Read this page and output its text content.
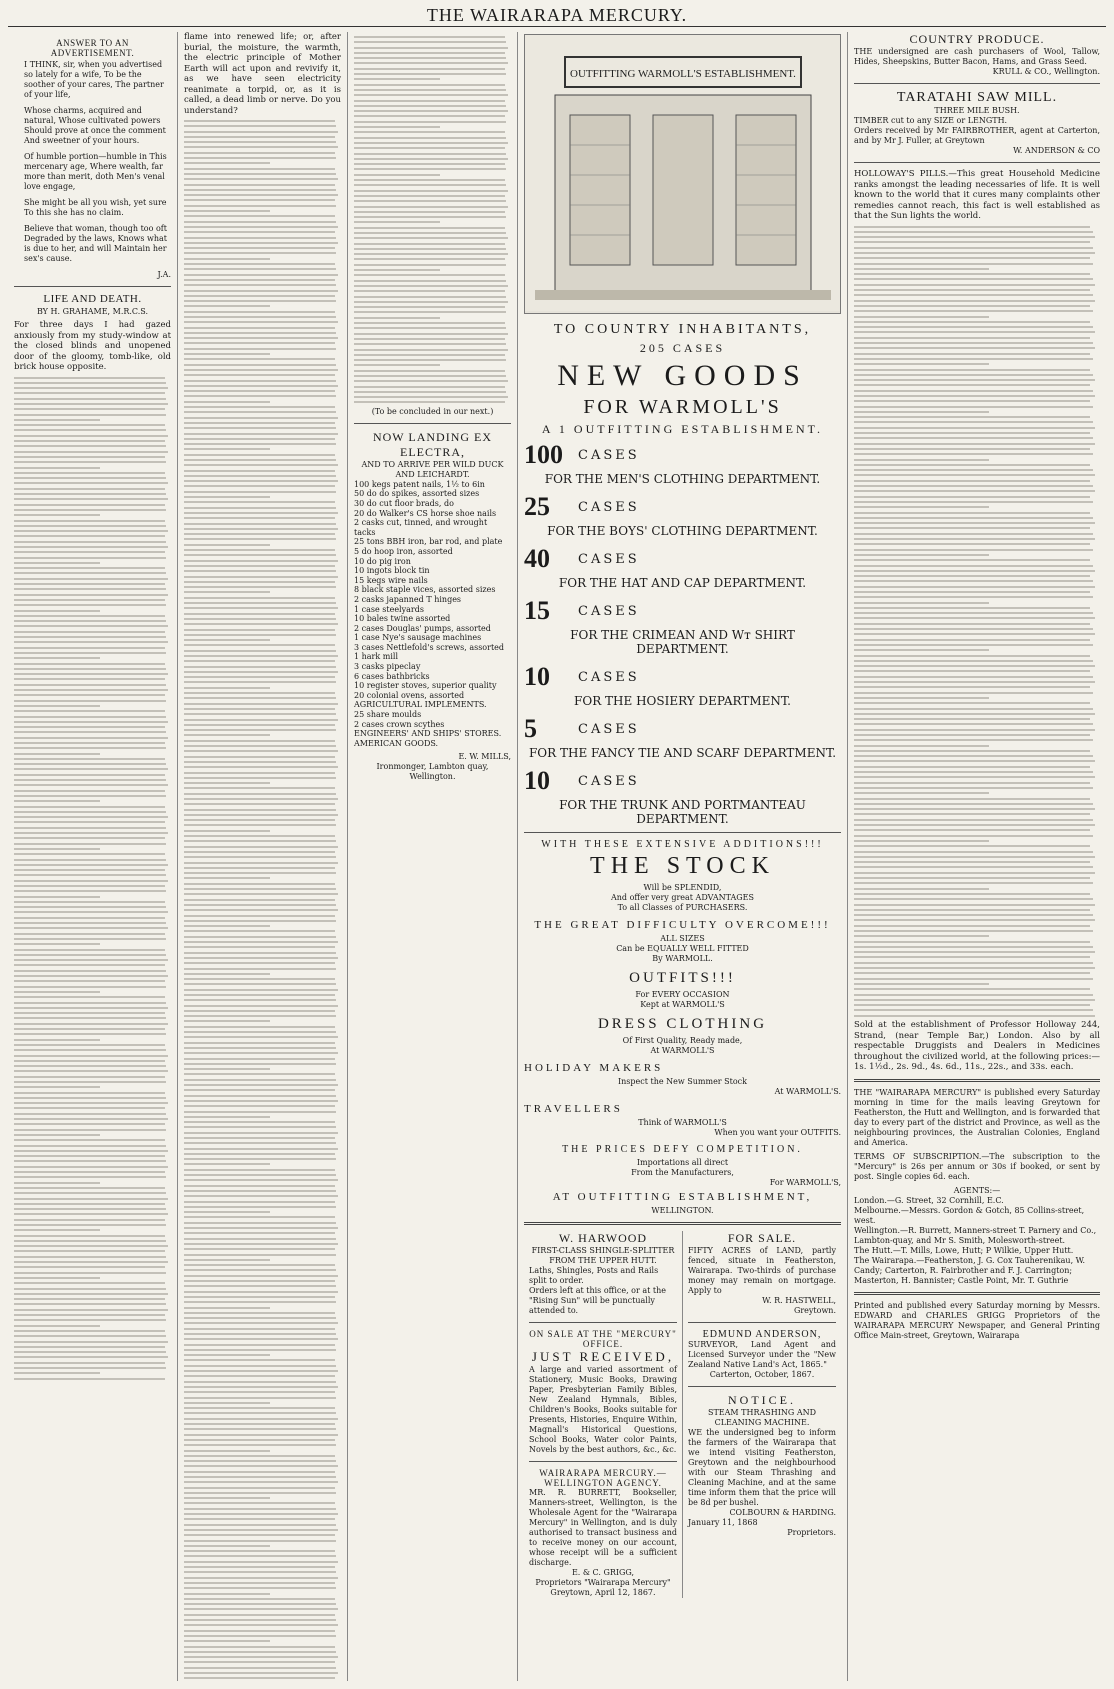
THE WAIRARAPA MERCURY.
ANSWER TO AN ADVERTISEMENT.

I THINK, sir, when you advertised so lately for a wife, To be the soother of your cares, The partner of your life,

Whose charms, acquired and natural, Whose cultivated powers Should prove at once the comment And sweetner of your hours.

Of humble portion—humble in This mercenary age, Where wealth, far more than merit, doth Men's venal love engage,

She might be all you wish, yet sure To this she has no claim.

Believe that woman, though too oft Degraded by the laws, Knows what is due to her, and will Maintain her sex's cause.

J.A.
LIFE AND DEATH.
BY H. GRAHAME, M.R.C.S.
For three days I had gazed anxiously from my study-window at the closed blinds and unopened door of the gloomy, tomb-like, old brick house opposite.
flame into renewed life; or, after burial, the moisture, the warmth, the electric principle of Mother Earth will act upon and revivify it, as we have seen electricity reanimate a torpid, or, as it is called, a dead limb or nerve. Do you understand?
(To be concluded in our next.)
NOW LANDING EX ELECTRA,
AND TO ARRIVE PER WILD DUCK AND LEICHARDT.
100 kegs patent nails, 1½ to 6in
50 do do spikes, assorted sizes
30 do cut floor brads, do
20 do Walker's CS horse shoe nails
2 casks cut, tinned, and wrought tacks
25 tons BBH iron, bar rod, and plate
5 do hoop iron, assorted
10 do pig iron
10 ingots block tin
15 kegs wire nails
8 black staple vices, assorted sizes
2 casks japanned T hinges
1 case steelyards
10 bales twine assorted
2 cases Douglas' pumps, assorted
1 case Nye's sausage machines
3 cases Nettlefold's screws, assorted
1 hark mill
3 casks pipeclay
6 cases bathbricks
10 register stoves, superior quality
20 colonial ovens, assorted
AGRICULTURAL IMPLEMENTS.
25 share moulds
2 cases crown scythes
ENGINEERS' AND SHIPS' STORES.
AMERICAN GOODS.
E. W. MILLS,
Ironmonger, Lambton quay, Wellington.
OUTFITTING WARMOLL'S ESTABLISHMENT.
TO COUNTRY INHABITANTS,
205 CASES
NEW GOODS
FOR WARMOLL'S
A 1 OUTFITTING ESTABLISHMENT.
100	CASES
FOR THE MEN'S CLOTHING DEPARTMENT.
25	CASES
FOR THE BOYS' CLOTHING DEPARTMENT.
40	CASES
FOR THE HAT AND CAP DEPARTMENT.
15	CASES
FOR THE CRIMEAN AND Wᴛ SHIRT DEPARTMENT.
10	CASES
FOR THE HOSIERY DEPARTMENT.
5	CASES
FOR THE FANCY TIE AND SCARF DEPARTMENT.
10	CASES
FOR THE TRUNK AND PORTMANTEAU DEPARTMENT.
WITH THESE EXTENSIVE ADDITIONS!!!
THE STOCK
Will be SPLENDID,
And offer very great ADVANTAGES
To all Classes of PURCHASERS.
THE GREAT DIFFICULTY OVERCOME!!!
ALL SIZES
Can be EQUALLY WELL FITTED
By WARMOLL.
OUTFITS!!!
For EVERY OCCASION
Kept at WARMOLL'S
DRESS CLOTHING
Of First Quality, Ready made,
At WARMOLL'S
HOLIDAY MAKERS
Inspect the New Summer Stock
At WARMOLL'S.
TRAVELLERS
Think of WARMOLL'S
When you want your OUTFITS.
THE PRICES DEFY COMPETITION.
Importations all direct
From the Manufacturers,
For WARMOLL'S,
AT OUTFITTING ESTABLISHMENT,
WELLINGTON.
W. HARWOOD
FIRST-CLASS SHINGLE-SPLITTER FROM THE UPPER HUTT.
Laths, Shingles, Posts and Rails split to order.
Orders left at this office, or at the "Rising Sun" will be punctually attended to.
ON SALE AT THE "MERCURY" OFFICE.
JUST RECEIVED,
A large and varied assortment of Stationery, Music Books, Drawing Paper, Presbyterian Family Bibles, New Zealand Hymnals, Bibles, Children's Books, Books suitable for Presents, Histories, Enquire Within, Magnall's Historical Questions, School Books, Water color Paints, Novels by the best authors, &c., &c.
WAIRARAPA MERCURY.—WELLINGTON AGENCY.
MR. R. BURRETT, Bookseller, Manners-street, Wellington, is the Wholesale Agent for the "Wairarapa Mercury" in Wellington, and is duly authorised to transact business and to receive money on our account, whose receipt will be a sufficient discharge.
E. & C. GRIGG,
Proprietors "Wairarapa Mercury" Greytown, April 12, 1867.
FOR SALE.
FIFTY ACRES of LAND, partly fenced, situate in Featherston, Wairarapa. Two-thirds of purchase money may remain on mortgage. Apply to
W. R. HASTWELL,
Greytown.
EDMUND ANDERSON,
SURVEYOR, Land Agent and Licensed Surveyor under the "New Zealand Native Land's Act, 1865."
Carterton, October, 1867.
NOTICE.
STEAM THRASHING AND CLEANING MACHINE.
WE the undersigned beg to inform the farmers of the Wairarapa that we intend visiting Featherston, Greytown and the neighbourhood with our Steam Thrashing and Cleaning Machine, and at the same time inform them that the price will be 8d per bushel.
COLBOURN & HARDING.
January 11, 1868
Proprietors.
COUNTRY PRODUCE.
THE undersigned are cash purchasers of Wool, Tallow, Hides, Sheepskins, Butter Bacon, Hams, and Grass Seed.
KRULL & CO., Wellington.
TARATAHI SAW MILL.
THREE MILE BUSH.
TIMBER cut to any SIZE or LENGTH.
Orders received by Mr FAIRBROTHER, agent at Carterton, and by Mr J. Fuller, at Greytown
W. ANDERSON & CO
HOLLOWAY'S PILLS.—This great Household Medicine ranks amongst the leading necessaries of life. It is well known to the world that it cures many complaints other remedies cannot reach, this fact is well established as that the Sun lights the world.
Sold at the establishment of Professor Holloway 244, Strand, (near Temple Bar,) London. Also by all respectable Druggists and Dealers in Medicines throughout the civilized world, at the following prices:—1s. 1½d., 2s. 9d., 4s. 6d., 11s., 22s., and 33s. each.
THE "WAIRARAPA MERCURY" is published every Saturday morning in time for the mails leaving Greytown for Featherston, the Hutt and Wellington, and is forwarded that day to every part of the district and Province, as well as the neighbouring provinces, the Australian Colonies, England and America.
TERMS OF SUBSCRIPTION.—The subscription to the "Mercury" is 26s per annum or 30s if booked, or sent by post. Single copies 6d. each.
AGENTS:—
London.—G. Street, 32 Cornhill, E.C.
Melbourne.—Messrs. Gordon & Gotch, 85 Collins-street, west.
Wellington.—R. Burrett, Manners-street T. Parnery and Co., Lambton-quay, and Mr S. Smith, Molesworth-street.
The Hutt.—T. Mills, Lowe, Hutt; P Wilkie, Upper Hutt.
The Wairarapa.—Featherston, J. G. Cox Tauherenikau, W. Candy; Carterton, R. Fairbrother and F. J. Carrington; Masterton, H. Bannister; Castle Point, Mr. T. Guthrie
Printed and published every Saturday morning by Messrs. EDWARD and CHARLES GRIGG Proprietors of the WAIRARAPA MERCURY Newspaper, and General Printing Office Main-street, Greytown, Wairarapa
